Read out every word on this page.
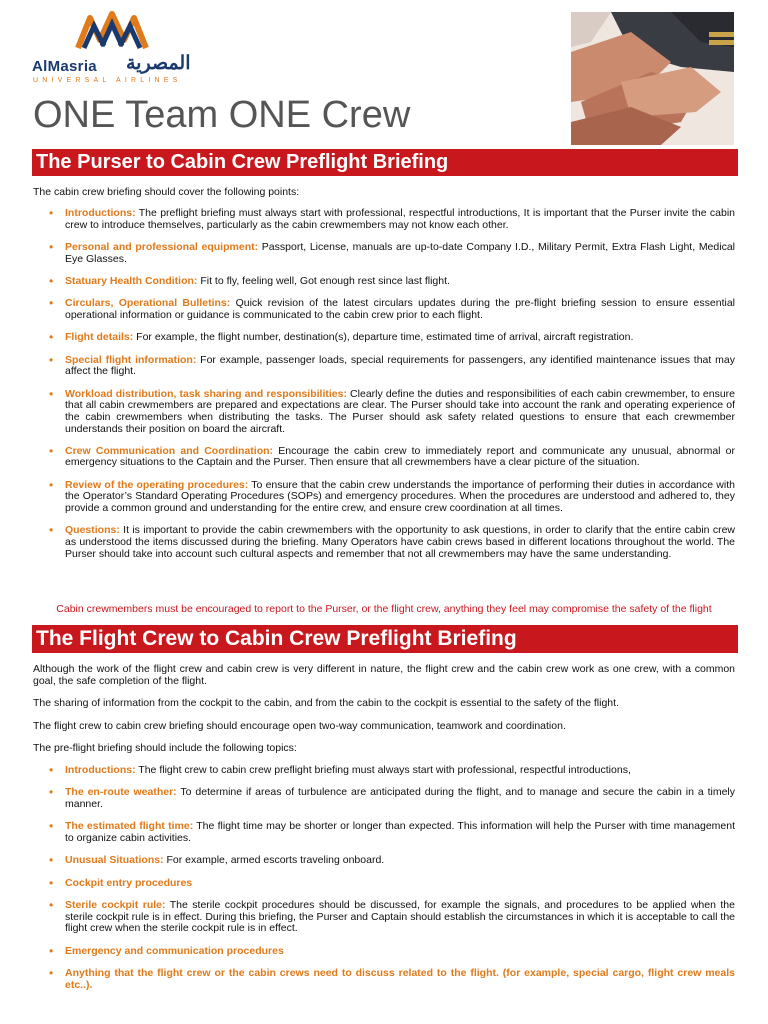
AlMasria المصرية
UNIVERSAL AIRLINES
ONE Team ONE Crew
The Purser to Cabin Crew Preflight Briefing

The cabin crew briefing should cover the following points:

• Introductions: The preflight briefing must always start with professional, respectful introductions, It is important that the Purser invite the cabin crew to introduce themselves, particularly as the cabin crewmembers may not know each other.
• Personal and professional equipment: Passport, License, manuals are up-to-date Company I.D., Military Permit, Extra Flash Light, Medical Eye Glasses.
• Statuary Health Condition: Fit to fly, feeling well, Got enough rest since last flight.
• Circulars, Operational Bulletins: Quick revision of the latest circulars updates during the pre-flight briefing session to ensure essential operational information or guidance is communicated to the cabin crew prior to each flight.
• Flight details: For example, the flight number, destination(s), departure time, estimated time of arrival, aircraft registration.
• Special flight information: For example, passenger loads, special requirements for passengers, any identified maintenance issues that may affect the flight.
• Workload distribution, task sharing and responsibilities: Clearly define the duties and responsibilities of each cabin crewmember, to ensure that all cabin crewmembers are prepared and expectations are clear. The Purser should take into account the rank and operating experience of the cabin crewmembers when distributing the tasks. The Purser should ask safety related questions to ensure that each crewmember understands their position on board the aircraft.
• Crew Communication and Coordination: Encourage the cabin crew to immediately report and communicate any unusual, abnormal or emergency situations to the Captain and the Purser. Then ensure that all crewmembers have a clear picture of the situation.
• Review of the operating procedures: To ensure that the cabin crew understands the importance of performing their duties in accordance with the Operator’s Standard Operating Procedures (SOPs) and emergency procedures. When the procedures are understood and adhered to, they provide a common ground and understanding for the entire crew, and ensure crew coordination at all times.
• Questions: It is important to provide the cabin crewmembers with the opportunity to ask questions, in order to clarify that the entire cabin crew as understood the items discussed during the briefing. Many Operators have cabin crews based in different locations throughout the world. The Purser should take into account such cultural aspects and remember that not all crewmembers may have the same understanding.

Cabin crewmembers must be encouraged to report to the Purser, or the flight crew, anything they feel may compromise the safety of the flight

The Flight Crew to Cabin Crew Preflight Briefing

Although the work of the flight crew and cabin crew is very different in nature, the flight crew and the cabin crew work as one crew, with a common goal, the safe completion of the flight.

The sharing of information from the cockpit to the cabin, and from the cabin to the cockpit is essential to the safety of the flight.

The flight crew to cabin crew briefing should encourage open two-way communication, teamwork and coordination.

The pre-flight briefing should include the following topics:

• Introductions: The flight crew to cabin crew preflight briefing must always start with professional, respectful introductions,
• The en-route weather: To determine if areas of turbulence are anticipated during the flight, and to manage and secure the cabin in a timely manner.
• The estimated flight time: The flight time may be shorter or longer than expected. This information will help the Purser with time management to organize cabin activities.
• Unusual Situations: For example, armed escorts traveling onboard.
• Cockpit entry procedures
• Sterile cockpit rule: The sterile cockpit procedures should be discussed, for example the signals, and procedures to be applied when the sterile cockpit rule is in effect. During this briefing, the Purser and Captain should establish the circumstances in which it is acceptable to call the flight crew when the sterile cockpit rule is in effect.
• Emergency and communication procedures
• Anything that the flight crew or the cabin crews need to discuss related to the flight. (for example, special cargo, flight crew meals etc..).
